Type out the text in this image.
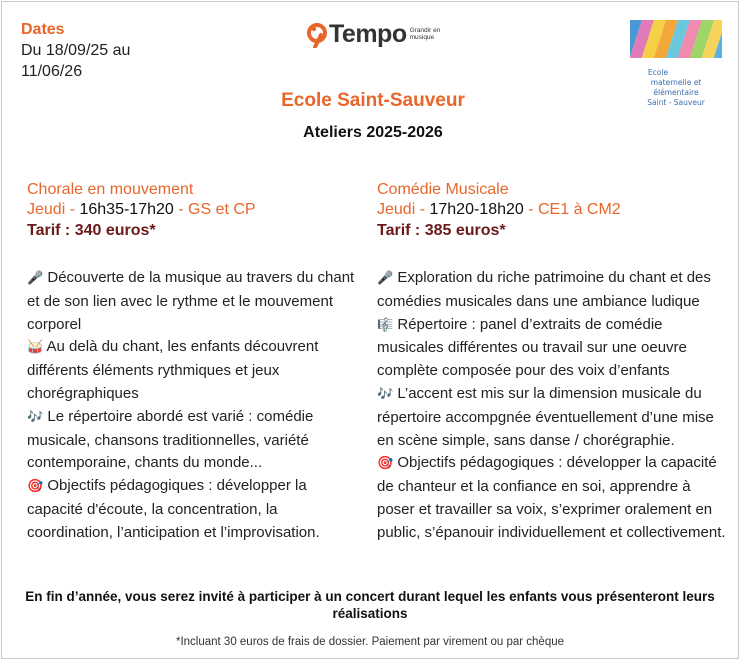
Dates
Du 18/09/25 au 11/06/26
Tempo Grandir en musique
Ecole
maternelle et élémentaire
Saint - Sauveur
Ecole Saint-Sauveur
Ateliers 2025-2026
Chorale en mouvement
Jeudi - 16h35-17h20 - GS et CP
Tarif : 340 euros*
🎤 Découverte de la musique au travers du chant et de son lien avec le rythme et le mouvement corporel
🥁 Au delà du chant, les enfants découvrent différents éléments rythmiques et jeux chorégraphiques
🎶 Le répertoire abordé est varié : comédie musicale, chansons traditionnelles, variété contemporaine, chants du monde...
🎯 Objectifs pédagogiques : développer la capacité d'écoute, la concentration, la coordination, l’anticipation et l’improvisation.
Comédie Musicale
Jeudi - 17h20-18h20 - CE1 à CM2
Tarif : 385 euros*
🎤 Exploration du riche patrimoine du chant et des comédies musicales dans une ambiance ludique
🎼 Répertoire : panel d’extraits de comédie musicales différentes ou travail sur une oeuvre complète composée pour des voix d’enfants
🎶 L’accent est mis sur la dimension musicale du répertoire accompgnée éventuellement d’une mise en scène simple, sans danse / chorégraphie.
🎯 Objectifs pédagogiques : développer la capacité de chanteur et la confiance en soi, apprendre à poser et travailler sa voix, s’exprimer oralement en public, s’épanouir individuellement et collectivement.
En fin d’année, vous serez invité à participer à un concert durant lequel les enfants vous présenteront leurs réalisations
*Incluant 30 euros de frais de dossier. Paiement par virement ou par chèque
